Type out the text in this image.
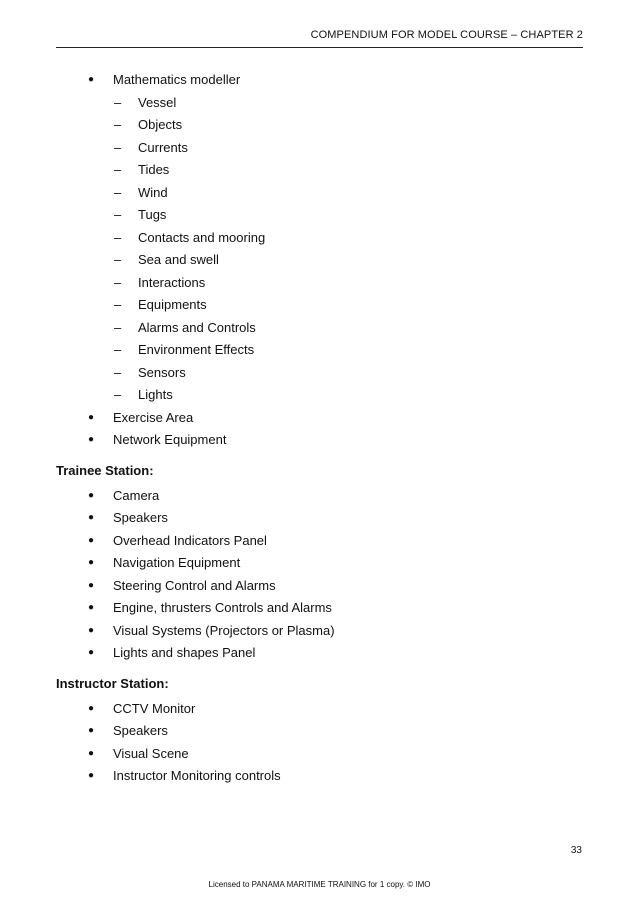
COMPENDIUM FOR MODEL COURSE – CHAPTER 2
● Mathematics modeller
– Vessel
– Objects
– Currents
– Tides
– Wind
– Tugs
– Contacts and mooring
– Sea and swell
– Interactions
– Equipments
– Alarms and Controls
– Environment Effects
– Sensors
– Lights
● Exercise Area
● Network Equipment
Trainee Station:
● Camera
● Speakers
● Overhead Indicators Panel
● Navigation Equipment
● Steering Control and Alarms
● Engine, thrusters Controls and Alarms
● Visual Systems (Projectors or Plasma)
● Lights and shapes Panel
Instructor Station:
● CCTV Monitor
● Speakers
● Visual Scene
● Instructor Monitoring controls
33
Licensed to PANAMA MARITIME TRAINING for 1 copy. © IMO
